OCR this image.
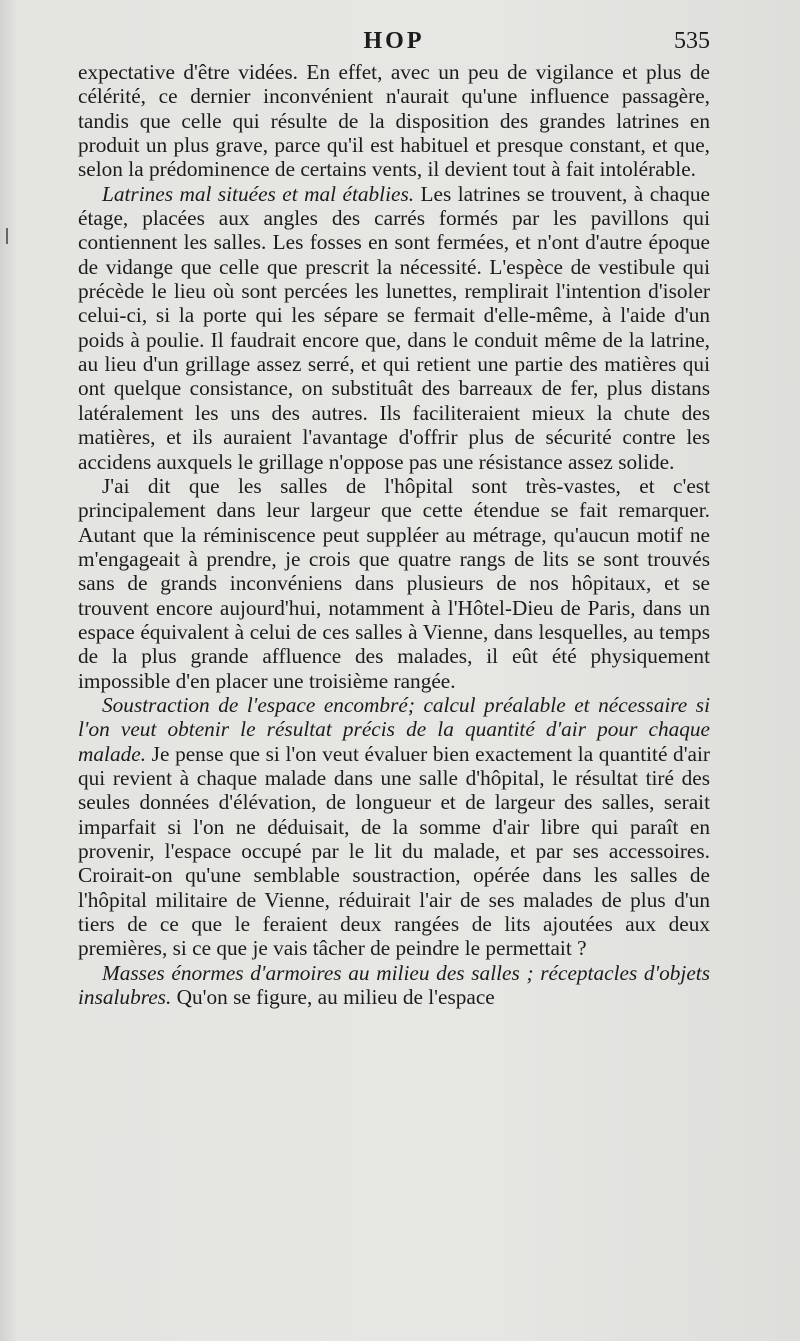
HOP	535

expectative d'être vidées. En effet, avec un peu de vigilance et plus de célérité, ce dernier inconvénient n'aurait qu'une influence passagère, tandis que celle qui résulte de la disposition des grandes latrines en produit un plus grave, parce qu'il est habituel et presque constant, et que, selon la prédominence de certains vents, il devient tout à fait intolérable.

Latrines mal situées et mal établies. Les latrines se trouvent, à chaque étage, placées aux angles des carrés formés par les pavillons qui contiennent les salles. Les fosses en sont fermées, et n'ont d'autre époque de vidange que celle que prescrit la nécessité. L'espèce de vestibule qui précède le lieu où sont percées les lunettes, remplirait l'intention d'isoler celui-ci, si la porte qui les sépare se fermait d'elle-même, à l'aide d'un poids à poulie. Il faudrait encore que, dans le conduit même de la latrine, au lieu d'un grillage assez serré, et qui retient une partie des matières qui ont quelque consistance, on substituât des barreaux de fer, plus distans latéralement les uns des autres. Ils faciliteraient mieux la chute des matières, et ils auraient l'avantage d'offrir plus de sécurité contre les accidens auxquels le grillage n'oppose pas une résistance assez solide.

J'ai dit que les salles de l'hôpital sont très-vastes, et c'est principalement dans leur largeur que cette étendue se fait remarquer. Autant que la réminiscence peut suppléer au métrage, qu'aucun motif ne m'engageait à prendre, je crois que quatre rangs de lits se sont trouvés sans de grands inconvéniens dans plusieurs de nos hôpitaux, et se trouvent encore aujourd'hui, notamment à l'Hôtel-Dieu de Paris, dans un espace équivalent à celui de ces salles à Vienne, dans lesquelles, au temps de la plus grande affluence des malades, il eût été physiquement impossible d'en placer une troisième rangée.

Soustraction de l'espace encombré; calcul préalable et nécessaire si l'on veut obtenir le résultat précis de la quantité d'air pour chaque malade. Je pense que si l'on veut évaluer bien exactement la quantité d'air qui revient à chaque malade dans une salle d'hôpital, le résultat tiré des seules données d'élévation, de longueur et de largeur des salles, serait imparfait si l'on ne déduisait, de la somme d'air libre qui paraît en provenir, l'espace occupé par le lit du malade, et par ses accessoires. Croirait-on qu'une semblable soustraction, opérée dans les salles de l'hôpital militaire de Vienne, réduirait l'air de ses malades de plus d'un tiers de ce que le feraient deux rangées de lits ajoutées aux deux premières, si ce que je vais tâcher de peindre le permettait ?

Masses énormes d'armoires au milieu des salles ; réceptacles d'objets insalubres. Qu'on se figure, au milieu de l'espace
